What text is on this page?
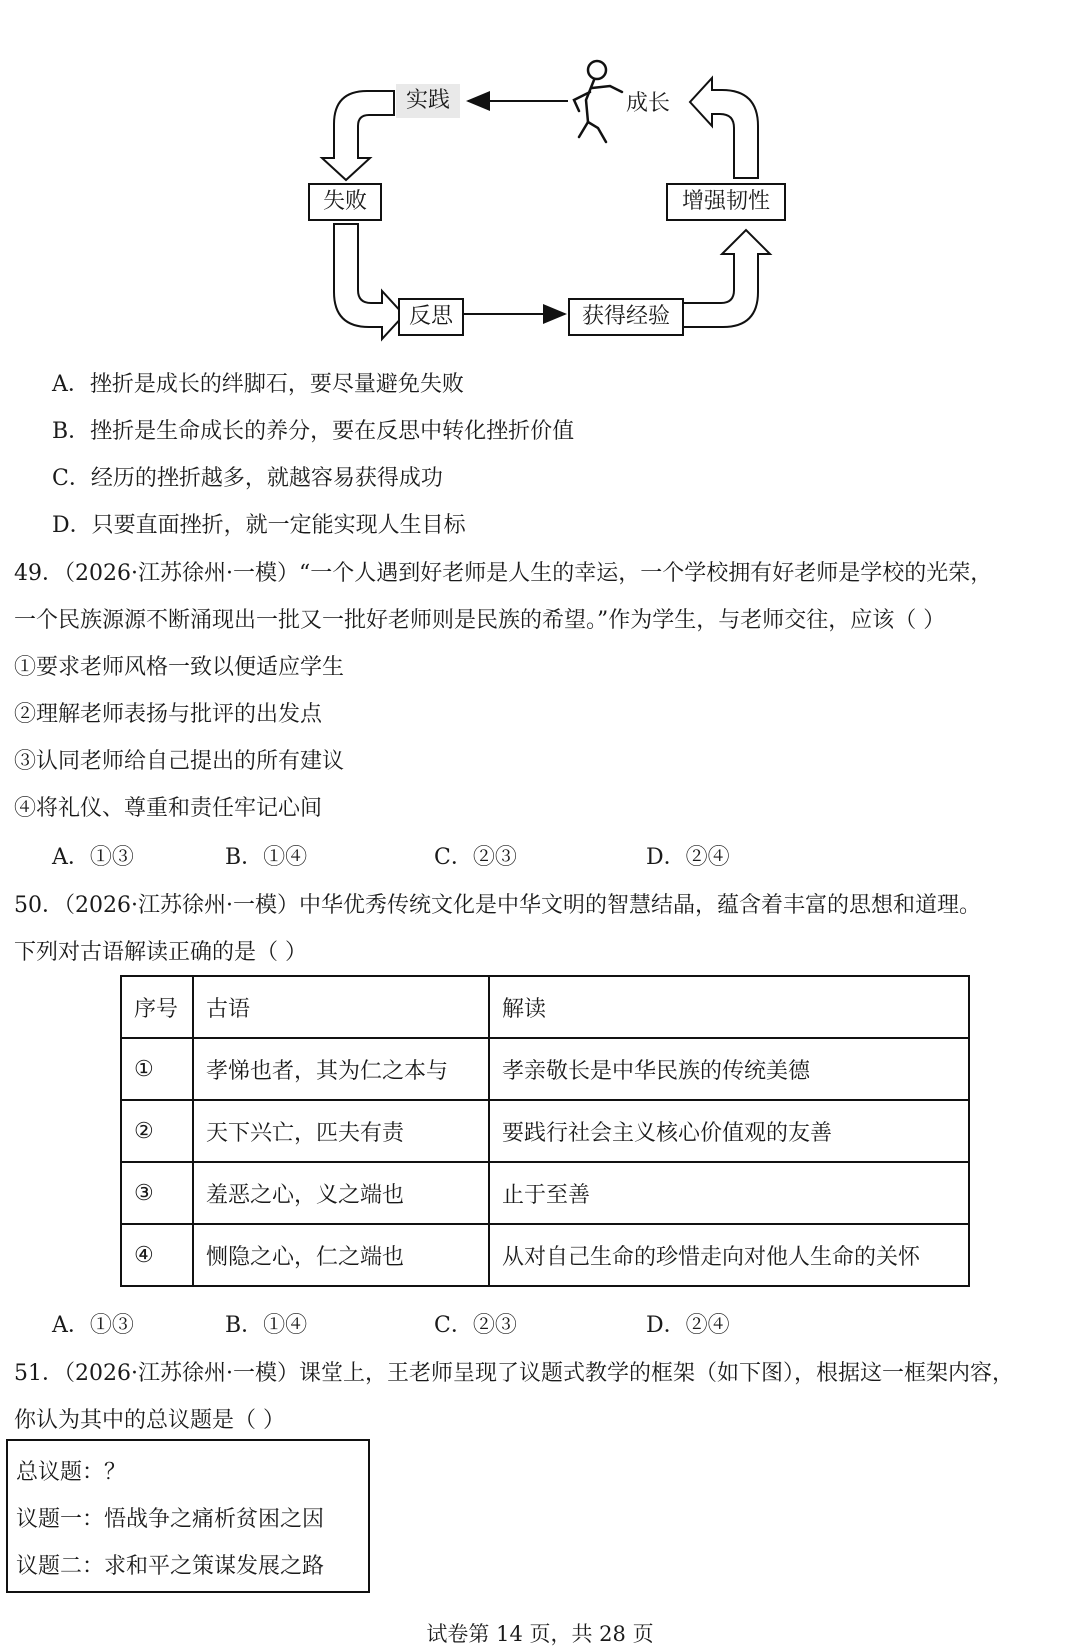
实践	成长
失败	增强韧性
反思	获得经验
A．挫折是成长的绊脚石，要尽量避免失败
B．挫折是生命成长的养分，要在反思中转化挫折价值
C．经历的挫折越多，就越容易获得成功
D．只要直面挫折，就一定能实现人生目标
49．（2026·江苏徐州·一模）“一个人遇到好老师是人生的幸运，一个学校拥有好老师是学校的光荣，
一个民族源源不断涌现出一批又一批好老师则是民族的希望。”作为学生，与老师交往，应该（ ）
①要求老师风格一致以便适应学生
②理解老师表扬与批评的出发点
③认同老师给自己提出的所有建议
④将礼仪、尊重和责任牢记心间
A．①③	B．①④	C．②③	D．②④
50．（2026·江苏徐州·一模）中华优秀传统文化是中华文明的智慧结晶，蕴含着丰富的思想和道理。
下列对古语解读正确的是（ ）
序号	古语	解读
①	孝悌也者，其为仁之本与	孝亲敬长是中华民族的传统美德
②	天下兴亡，匹夫有责	要践行社会主义核心价值观的友善
③	羞恶之心，义之端也	止于至善
④	恻隐之心，仁之端也	从对自己生命的珍惜走向对他人生命的关怀
A．①③	B．①④	C．②③	D．②④
51．（2026·江苏徐州·一模）课堂上，王老师呈现了议题式教学的框架（如下图），根据这一框架内容，
你认为其中的总议题是（ ）
总议题：？
议题一：悟战争之痛析贫困之因
议题二：求和平之策谋发展之路
试卷第 14 页，共 28 页
